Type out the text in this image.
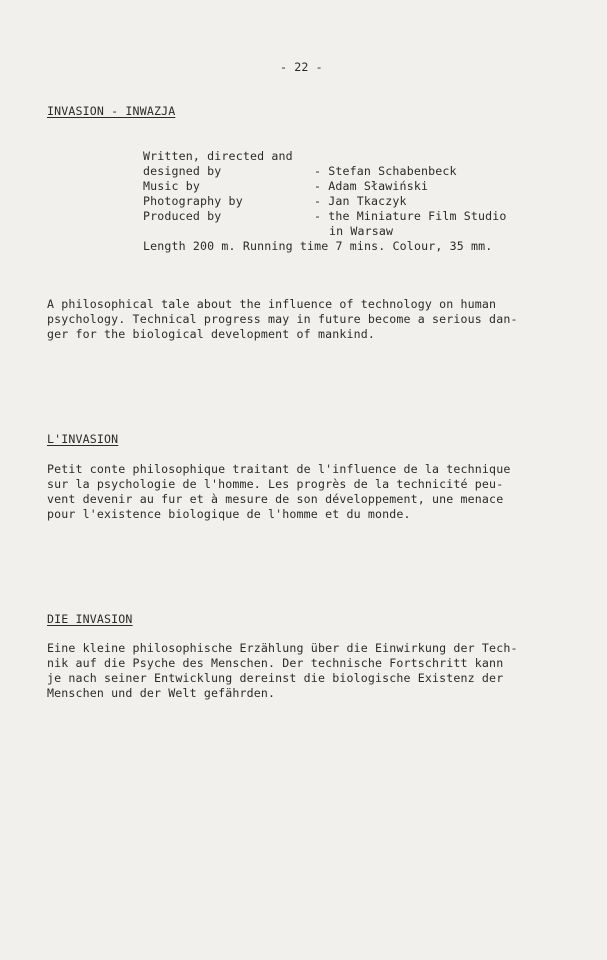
- 22 -
INVASION - INWAZJA
Written, directed and
designed by	- Stefan Schabenbeck
Music by	- Adam Sławiński
Photography by	- Jan Tkaczyk
Produced by	- the Miniature Film Studio
in Warsaw
Length 200 m. Running time 7 mins. Colour, 35 mm.
A philosophical tale about the influence of technology on human
psychology. Technical progress may in future become a serious dan-
ger for the biological development of mankind.
L'INVASION
Petit conte philosophique traitant de l'influence de la technique
sur la psychologie de l'homme. Les progrès de la technicité peu-
vent devenir au fur et à mesure de son développement, une menace
pour l'existence biologique de l'homme et du monde.
DIE INVASION
Eine kleine philosophische Erzählung über die Einwirkung der Tech-
nik auf die Psyche des Menschen. Der technische Fortschritt kann
je nach seiner Entwicklung dereinst die biologische Existenz der
Menschen und der Welt gefährden.
